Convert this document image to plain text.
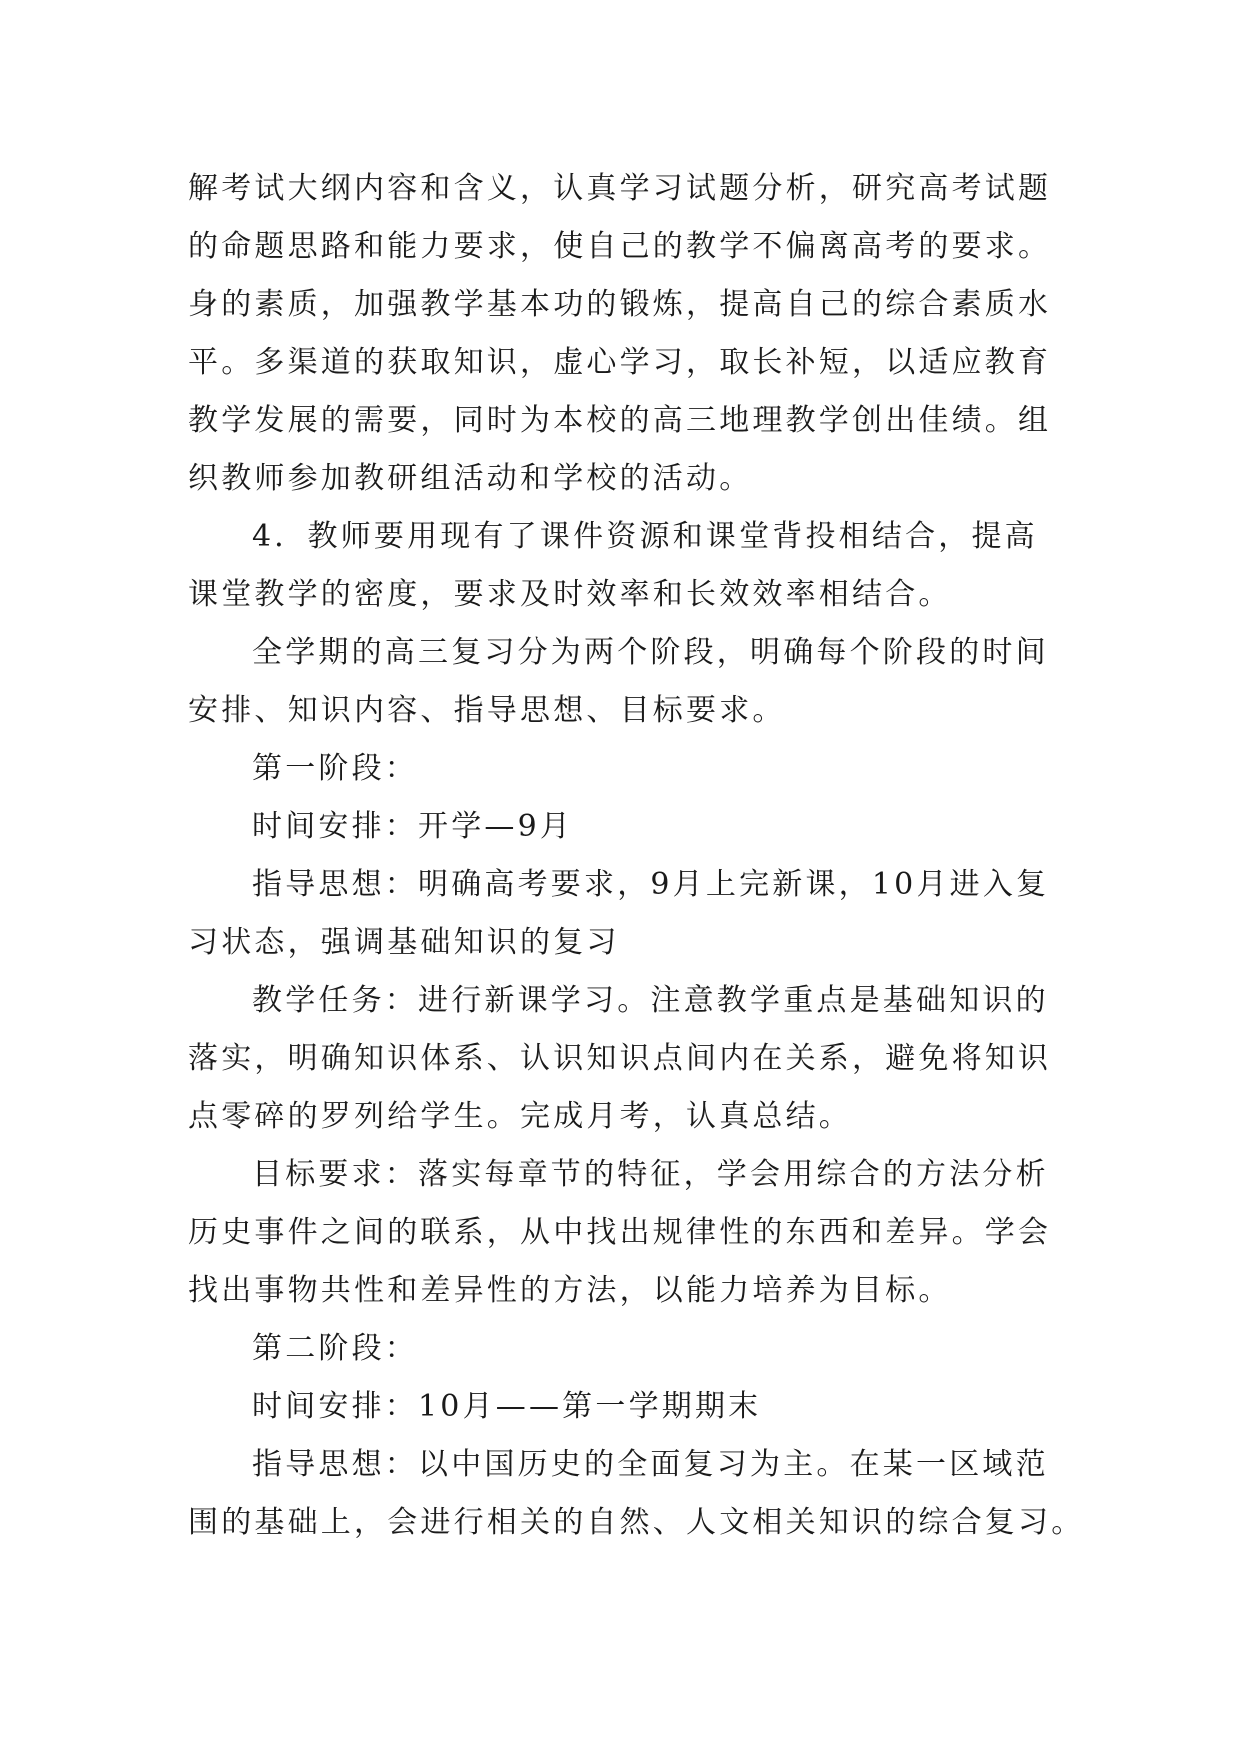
解考试大纲内容和含义，认真学习试题分析，研究高考试题
的命题思路和能力要求，使自己的教学不偏离高考的要求。
身的素质，加强教学基本功的锻炼，提高自己的综合素质水
平。多渠道的获取知识，虚心学习，取长补短，以适应教育
教学发展的需要，同时为本校的高三地理教学创出佳绩。组
织教师参加教研组活动和学校的活动。
4．教师要用现有了课件资源和课堂背投相结合，提高
课堂教学的密度，要求及时效率和长效效率相结合。
全学期的高三复习分为两个阶段，明确每个阶段的时间
安排、知识内容、指导思想、目标要求。
第一阶段：
时间安排：开学—9月
指导思想：明确高考要求，9月上完新课，10月进入复
习状态，强调基础知识的复习
教学任务：进行新课学习。注意教学重点是基础知识的
落实，明确知识体系、认识知识点间内在关系，避免将知识
点零碎的罗列给学生。完成月考，认真总结。
目标要求：落实每章节的特征，学会用综合的方法分析
历史事件之间的联系，从中找出规律性的东西和差异。学会
找出事物共性和差异性的方法，以能力培养为目标。
第二阶段：
时间安排：10月——第一学期期末
指导思想：以中国历史的全面复习为主。在某一区域范
围的基础上，会进行相关的自然、人文相关知识的综合复习。
